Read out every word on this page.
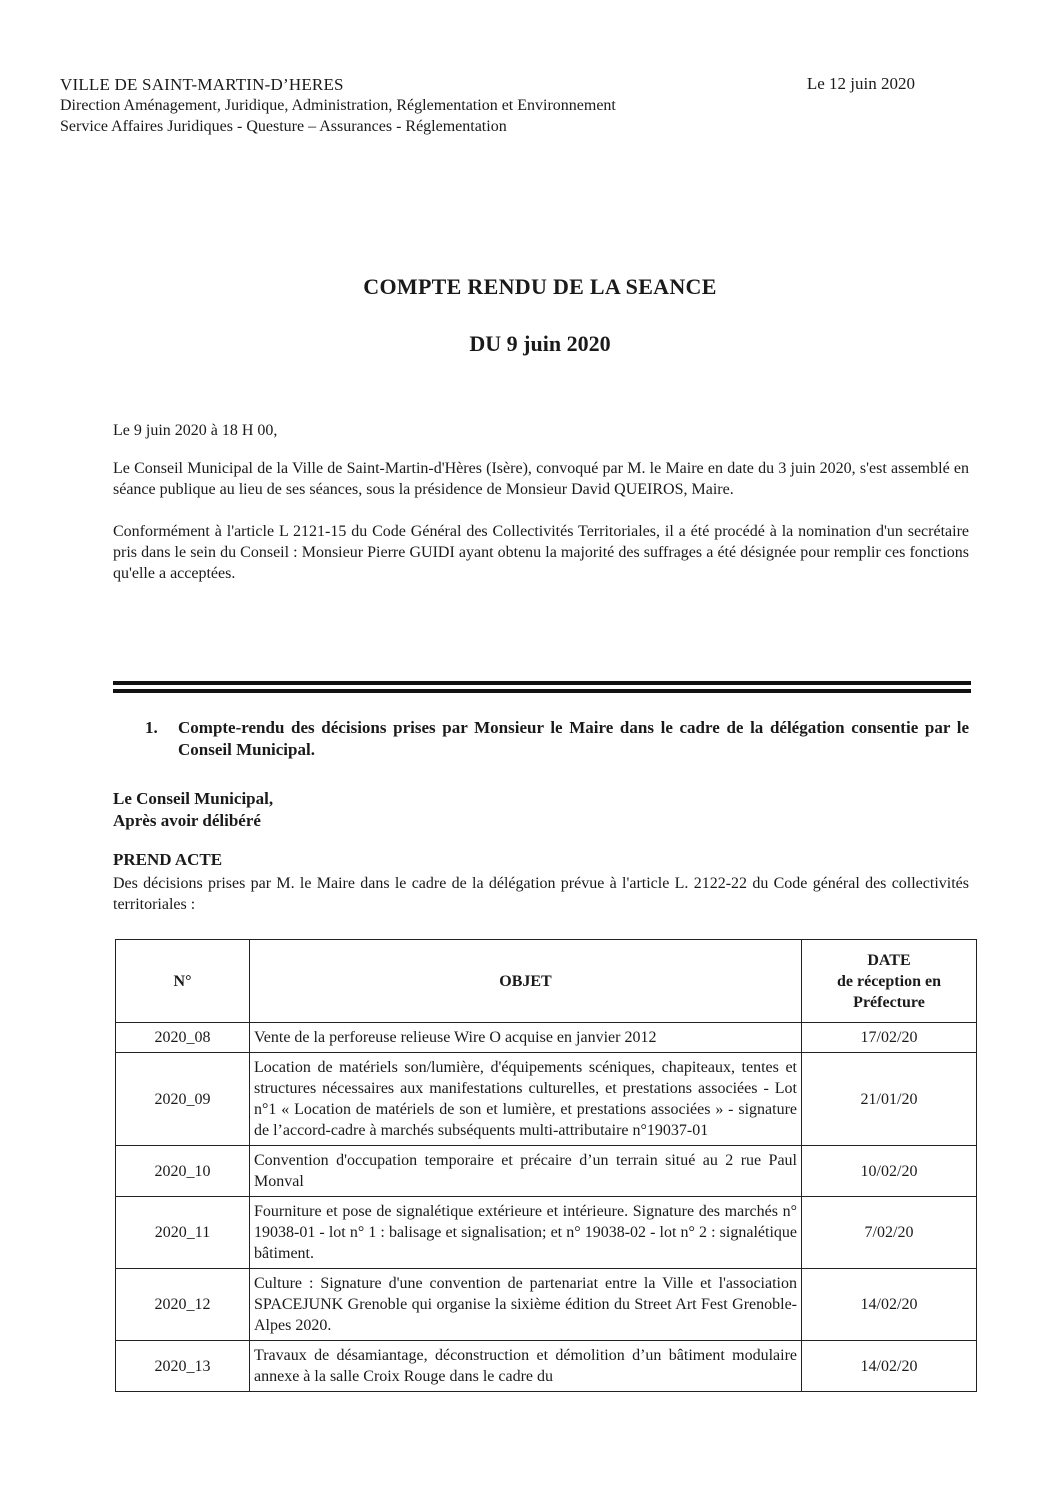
VILLE DE SAINT-MARTIN-D’HERES
Direction Aménagement, Juridique, Administration, Réglementation et Environnement
Service Affaires Juridiques - Questure – Assurances - Réglementation
Le 12 juin 2020
COMPTE RENDU DE LA SEANCE
DU 9 juin 2020
Le 9 juin 2020 à 18 H 00,
Le Conseil Municipal de la Ville de Saint-Martin-d'Hères (Isère), convoqué par M. le Maire en date du 3 juin 2020, s'est assemblé en séance publique au lieu de ses séances, sous la présidence de Monsieur David QUEIROS, Maire.
Conformément à l'article L 2121-15 du Code Général des Collectivités Territoriales, il a été procédé à la nomination d'un secrétaire pris dans le sein du Conseil : Monsieur Pierre GUIDI ayant obtenu la majorité des suffrages a été désignée pour remplir ces fonctions qu'elle a acceptées.
1.	Compte-rendu des décisions prises par Monsieur le Maire dans le cadre de la délégation consentie par le Conseil Municipal.
Le Conseil Municipal,
Après avoir délibéré
PREND ACTE
Des décisions prises par M. le Maire dans le cadre de la délégation prévue à l'article L. 2122-22 du Code général des collectivités territoriales :
N°	OBJET	DATE
de réception en Préfecture

2020_08	Vente de la perforeuse relieuse Wire O acquise en janvier 2012	17/02/20
2020_09	Location de matériels son/lumière, d'équipements scéniques, chapiteaux, tentes et structures nécessaires aux manifestations culturelles, et prestations associées - Lot n°1 « Location de matériels de son et lumière, et prestations associées » - signature de l’accord-cadre à marchés subséquents multi-attributaire n°19037-01	21/01/20
2020_10	Convention d'occupation temporaire et précaire d’un terrain situé au 2 rue Paul Monval	10/02/20
2020_11	Fourniture et pose de signalétique extérieure et intérieure. Signature des marchés n° 19038-01 - lot n° 1 : balisage et signalisation; et n° 19038-02 - lot n° 2 : signalétique bâtiment.	7/02/20
2020_12	Culture : Signature d'une convention de partenariat entre la Ville et l'association SPACEJUNK Grenoble qui organise la sixième édition du Street Art Fest Grenoble-Alpes 2020.	14/02/20
2020_13	Travaux de désamiantage, déconstruction et démolition d’un bâtiment modulaire annexe à la salle Croix Rouge dans le cadre du	14/02/20
